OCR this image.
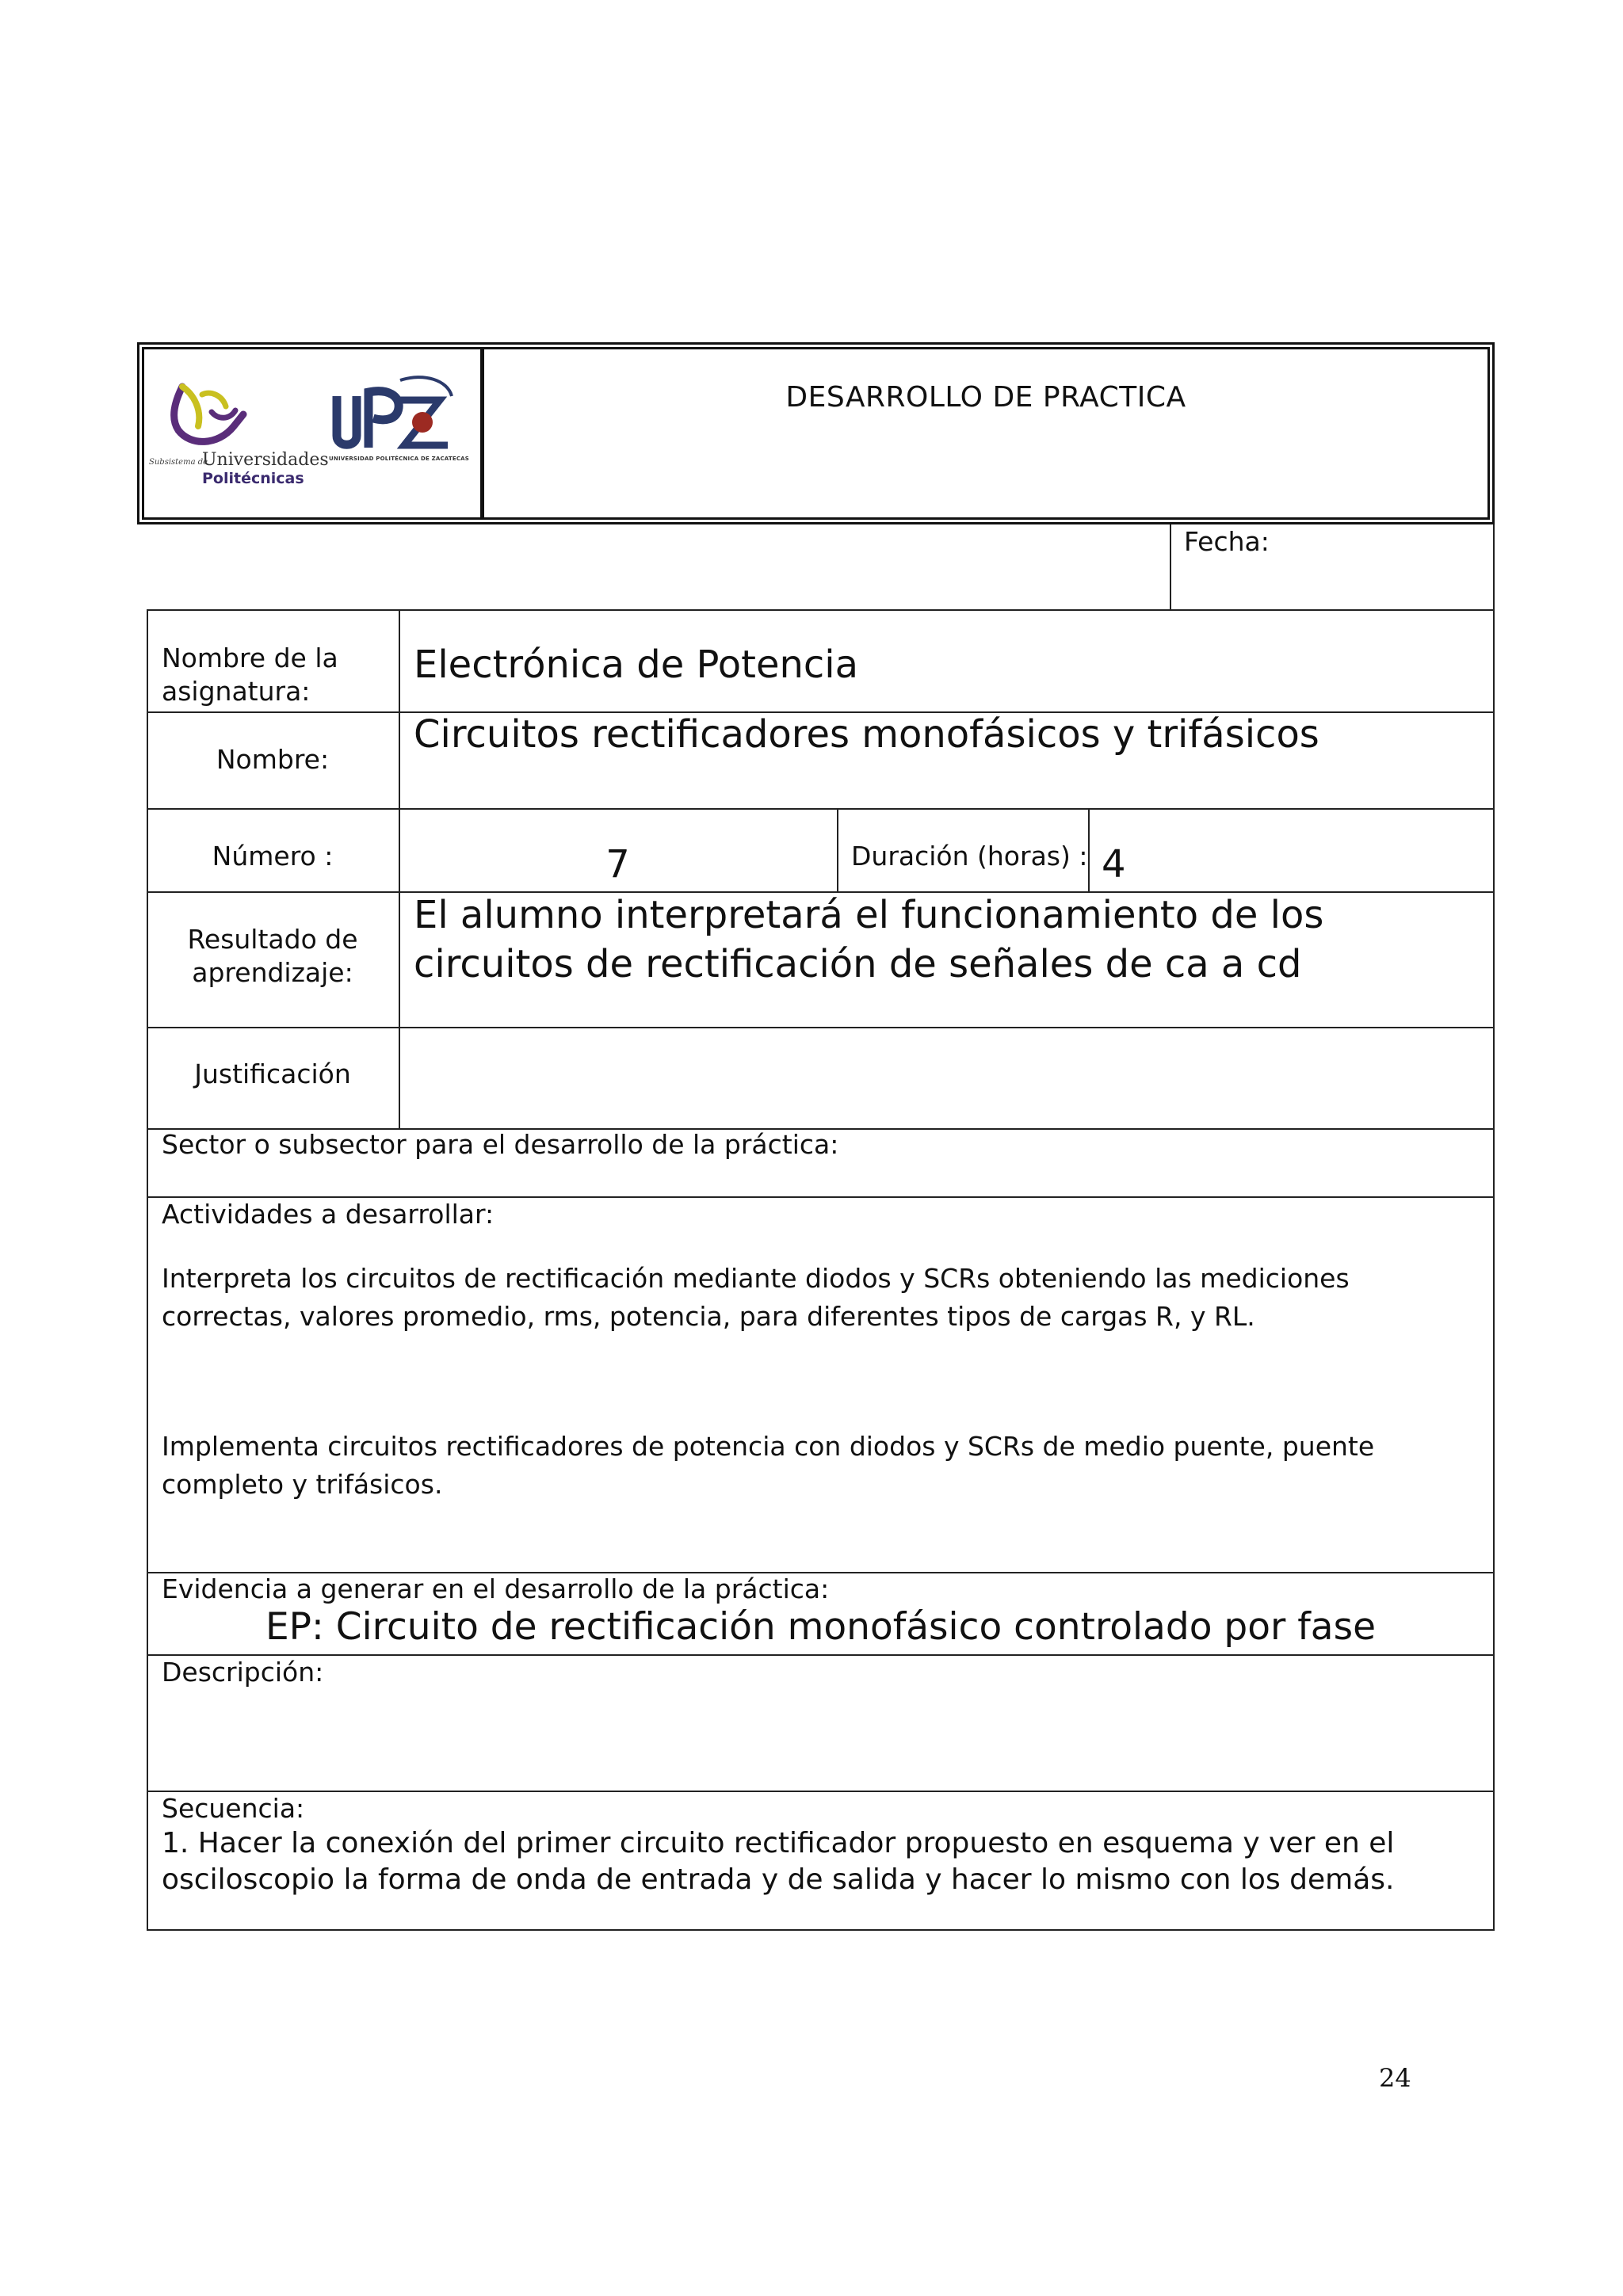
DESARROLLO DE PRACTICA
Subsistema de
Universidades
Politécnicas
UNIVERSIDAD POLITÉCNICA DE ZACATECAS
Fecha:
Nombre de la asignatura:
Electrónica de Potencia
Nombre:
Circuitos rectificadores monofásicos y trifásicos
Número :	7	Duración (horas) : 4
Resultado de aprendizaje:
El alumno interpretará el funcionamiento de los circuitos de rectificación de señales de ca a cd
Justificación
Sector o subsector para el desarrollo de la práctica:
Actividades a desarrollar:
Interpreta los circuitos de rectificación mediante diodos y SCRs obteniendo las mediciones correctas, valores promedio, rms, potencia, para diferentes tipos de cargas R, y RL.
Implementa circuitos rectificadores de potencia con diodos y SCRs de medio puente, puente completo y trifásicos.
Evidencia a generar en el desarrollo de la práctica:
EP: Circuito de rectificación monofásico controlado por fase
Descripción:
Secuencia:
1. Hacer la conexión del primer circuito rectificador propuesto en esquema y ver en el osciloscopio la forma de onda de entrada y de salida y hacer lo mismo con los demás.
24
